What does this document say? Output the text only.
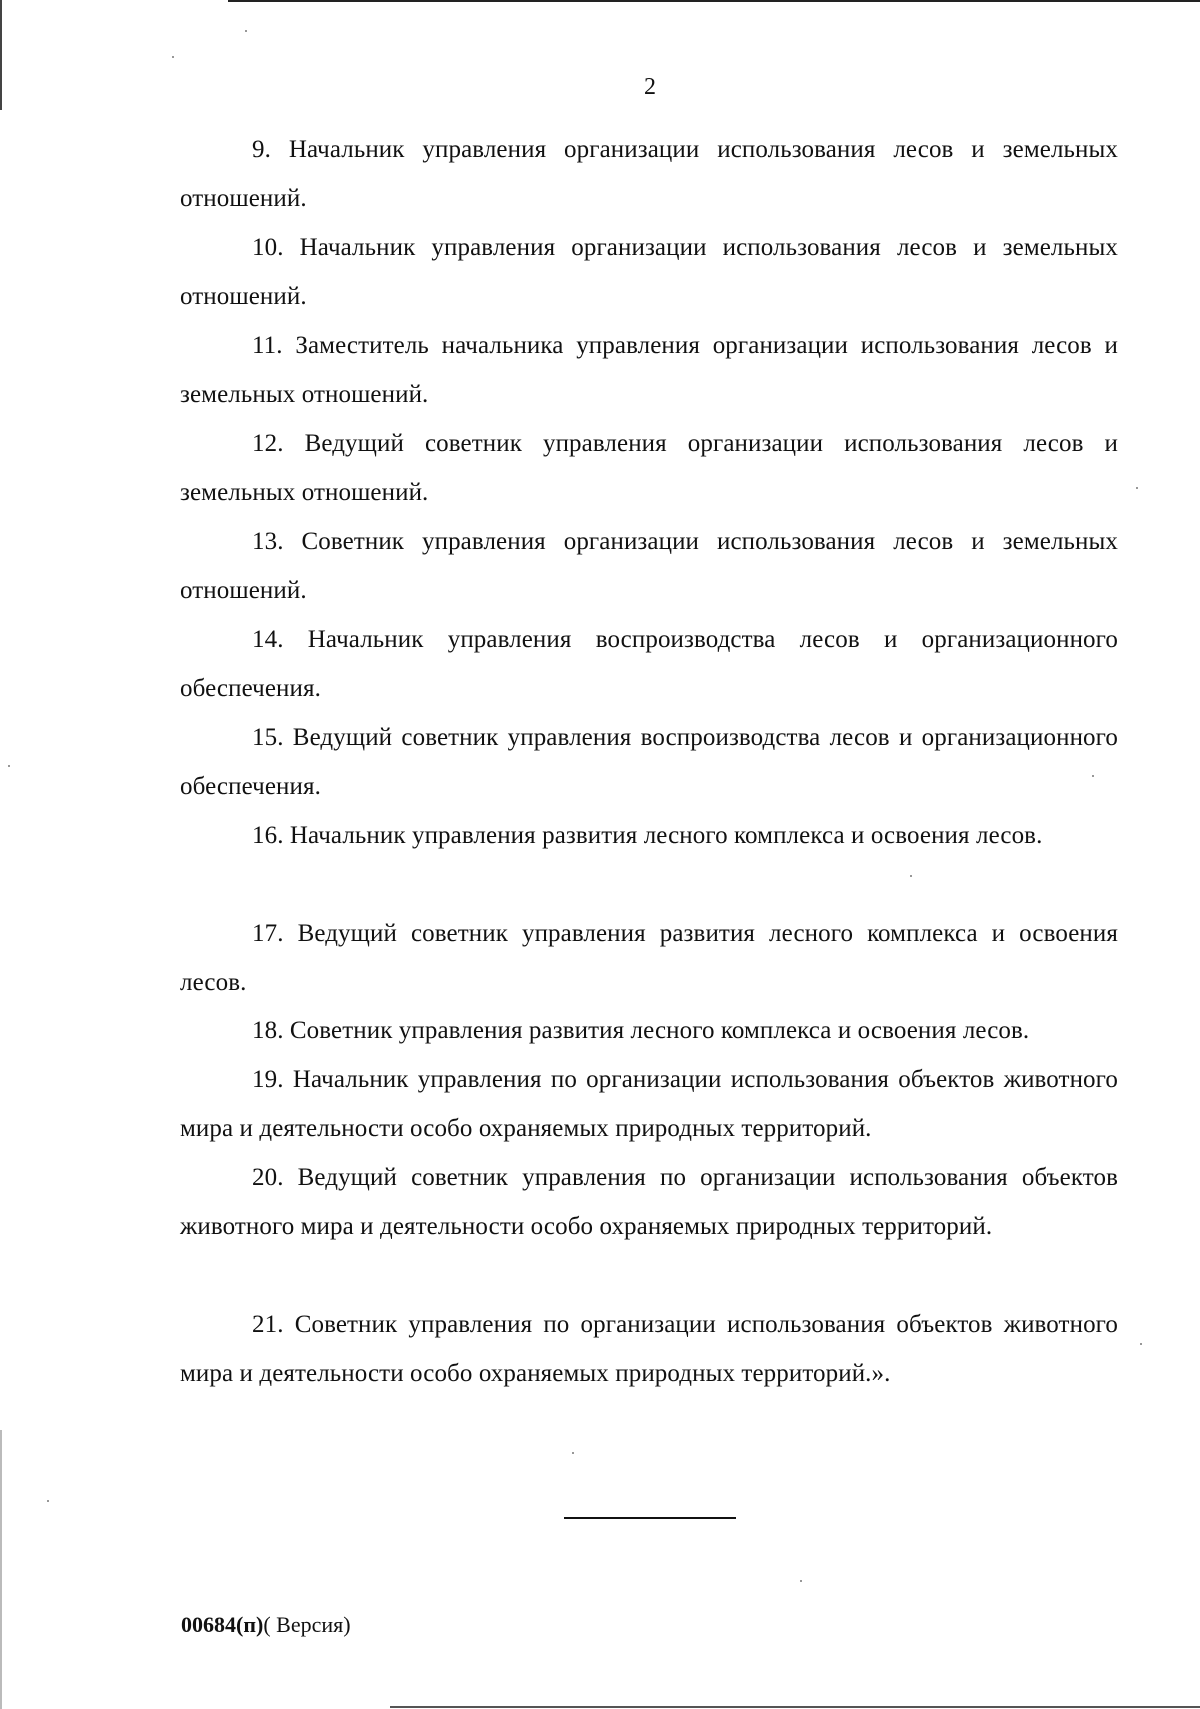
2

9. Начальник управления организации использования лесов и земельных отношений.

10. Начальник управления организации использования лесов и земельных отношений.

11. Заместитель начальника управления организации использования лесов и земельных отношений.

12. Ведущий советник управления организации использования лесов и земельных отношений.

13. Советник управления организации использования лесов и земельных отношений.

14. Начальник управления воспроизводства лесов и организационного обеспечения.

15. Ведущий советник управления воспроизводства лесов и организационного обеспечения.

16. Начальник управления развития лесного комплекса и освоения лесов.

17. Ведущий советник управления развития лесного комплекса и освоения лесов.

18. Советник управления развития лесного комплекса и освоения лесов.

19. Начальник управления по организации использования объектов животного мира и деятельности особо охраняемых природных территорий.

20. Ведущий советник управления по организации использования объектов животного мира и деятельности особо охраняемых природных территорий.

21. Советник управления по организации использования объектов животного мира и деятельности особо охраняемых природных территорий.».

00684(п)( Версия)
